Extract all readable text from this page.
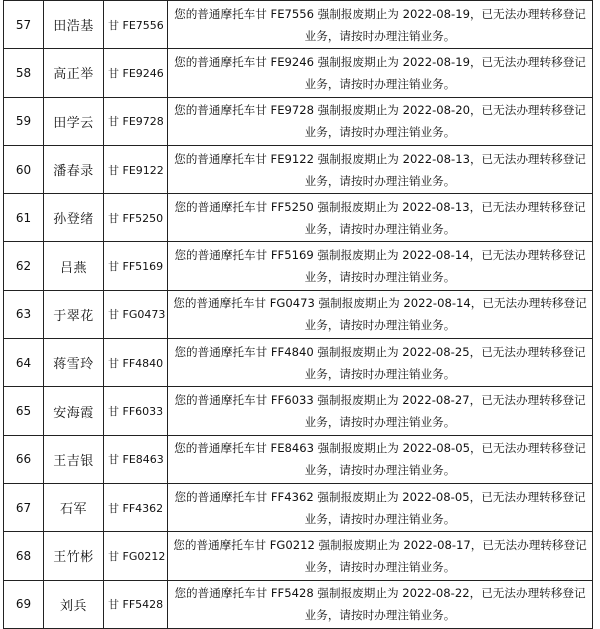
57	田浩基	甘 FE7556	您的普通摩托车甘 FE7556 强制报废期止为 2022-08-19，已无法办理转移登记
业务，请按时办理注销业务。

58	高正举	甘 FE9246	您的普通摩托车甘 FE9246 强制报废期止为 2022-08-19，已无法办理转移登记
业务，请按时办理注销业务。

59	田学云	甘 FE9728	您的普通摩托车甘 FE9728 强制报废期止为 2022-08-20，已无法办理转移登记
业务，请按时办理注销业务。

60	潘春录	甘 FE9122	您的普通摩托车甘 FE9122 强制报废期止为 2022-08-13，已无法办理转移登记
业务，请按时办理注销业务。

61	孙登绪	甘 FF5250	您的普通摩托车甘 FF5250 强制报废期止为 2022-08-13，已无法办理转移登记
业务，请按时办理注销业务。

62	吕燕	甘 FF5169	您的普通摩托车甘 FF5169 强制报废期止为 2022-08-14，已无法办理转移登记
业务，请按时办理注销业务。

63	于翠花	甘 FG0473	您的普通摩托车甘 FG0473 强制报废期止为 2022-08-14，已无法办理转移登记
业务，请按时办理注销业务。

64	蒋雪玲	甘 FF4840	您的普通摩托车甘 FF4840 强制报废期止为 2022-08-25，已无法办理转移登记
业务，请按时办理注销业务。

65	安海霞	甘 FF6033	您的普通摩托车甘 FF6033 强制报废期止为 2022-08-27，已无法办理转移登记
业务，请按时办理注销业务。

66	王吉银	甘 FE8463	您的普通摩托车甘 FE8463 强制报废期止为 2022-08-05，已无法办理转移登记
业务，请按时办理注销业务。

67	石军	甘 FF4362	您的普通摩托车甘 FF4362 强制报废期止为 2022-08-05，已无法办理转移登记
业务，请按时办理注销业务。

68	王竹彬	甘 FG0212	您的普通摩托车甘 FG0212 强制报废期止为 2022-08-17，已无法办理转移登记
业务，请按时办理注销业务。

69	刘兵	甘 FF5428	您的普通摩托车甘 FF5428 强制报废期止为 2022-08-22，已无法办理转移登记
业务，请按时办理注销业务。
